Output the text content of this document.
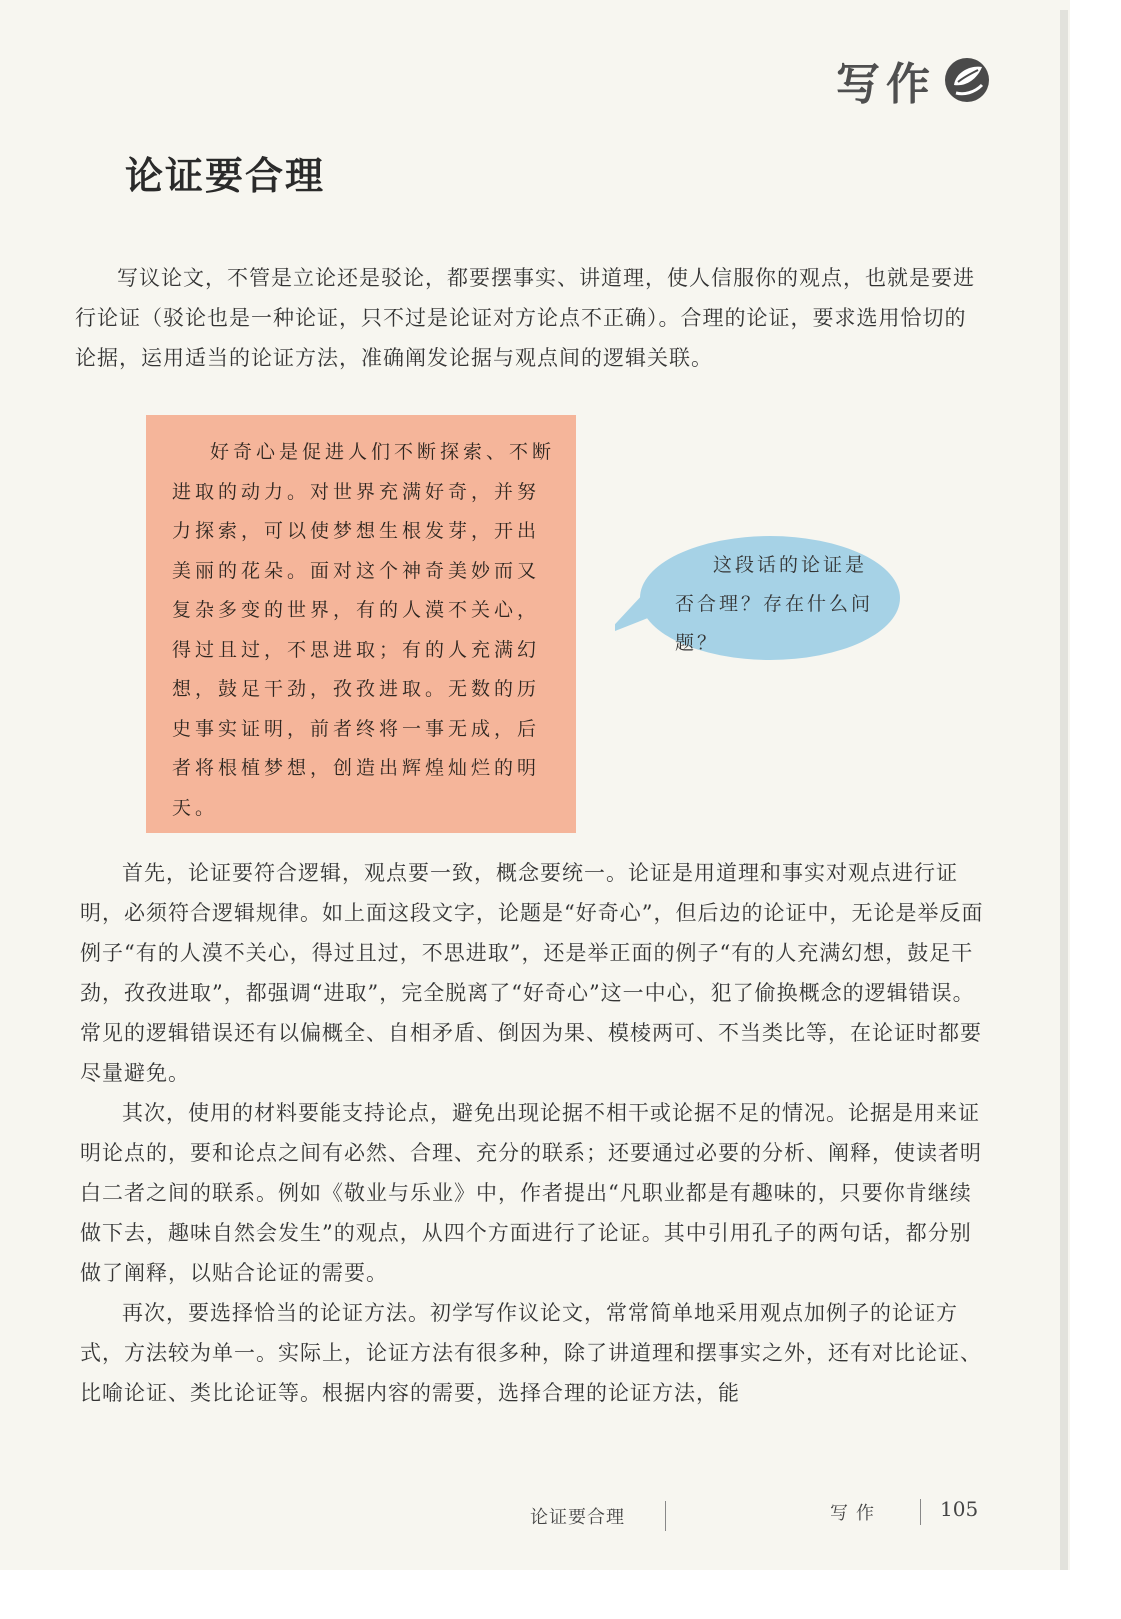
写作
论证要合理

写议论文，不管是立论还是驳论，都要摆事实、讲道理，使人信服你的观点，也就是要进行论证（驳论也是一种论证，只不过是论证对方论点不正确）。合理的论证，要求选用恰切的论据，运用适当的论证方法，准确阐发论据与观点间的逻辑关联。

好奇心是促进人们不断探索、不断进取的动力。对世界充满好奇，并努力探索，可以使梦想生根发芽，开出美丽的花朵。面对这个神奇美妙而又复杂多变的世界，有的人漠不关心，得过且过，不思进取；有的人充满幻想，鼓足干劲，孜孜进取。无数的历史事实证明，前者终将一事无成，后者将根植梦想，创造出辉煌灿烂的明天。

这段话的论证是否合理？存在什么问题？

首先，论证要符合逻辑，观点要一致，概念要统一。论证是用道理和事实对观点进行证明，必须符合逻辑规律。如上面这段文字，论题是“好奇心”，但后边的论证中，无论是举反面例子“有的人漠不关心，得过且过，不思进取”，还是举正面的例子“有的人充满幻想，鼓足干劲，孜孜进取”，都强调“进取”，完全脱离了“好奇心”这一中心，犯了偷换概念的逻辑错误。常见的逻辑错误还有以偏概全、自相矛盾、倒因为果、模棱两可、不当类比等，在论证时都要尽量避免。

其次，使用的材料要能支持论点，避免出现论据不相干或论据不足的情况。论据是用来证明论点的，要和论点之间有必然、合理、充分的联系；还要通过必要的分析、阐释，使读者明白二者之间的联系。例如《敬业与乐业》中，作者提出“凡职业都是有趣味的，只要你肯继续做下去，趣味自然会发生”的观点，从四个方面进行了论证。其中引用孔子的两句话，都分别做了阐释，以贴合论证的需要。

再次，要选择恰当的论证方法。初学写作议论文，常常简单地采用观点加例子的论证方式，方法较为单一。实际上，论证方法有很多种，除了讲道理和摆事实之外，还有对比论证、比喻论证、类比论证等。根据内容的需要，选择合理的论证方法，能

论证要合理	写作	105
